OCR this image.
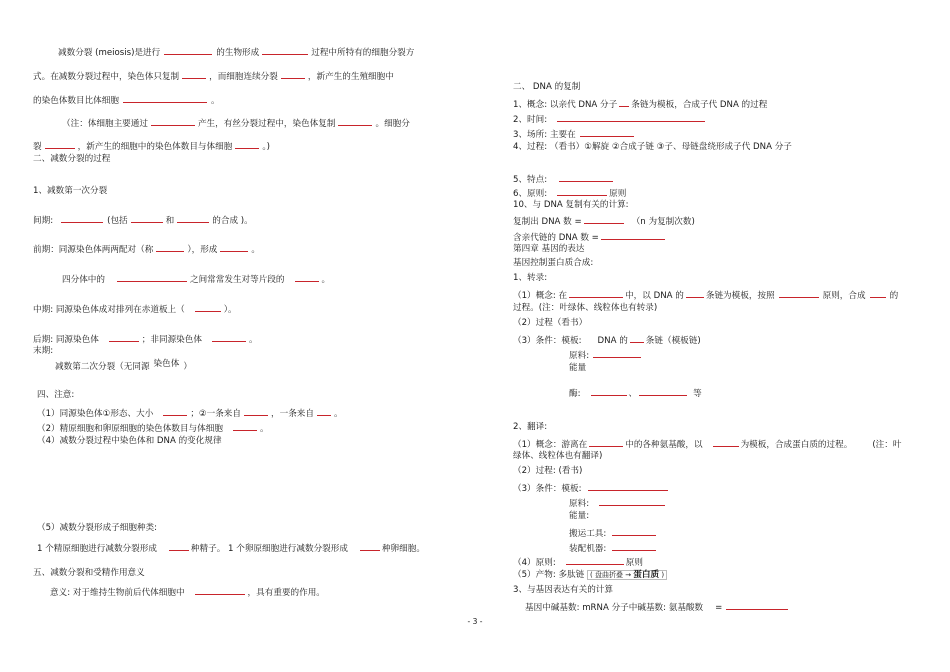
减数分裂 (meiosis)是进行	的生物形成	过程中所特有的细胞分裂方
式。在减数分裂过程中，染色体只复制	，而细胞连续分裂	，新产生的生殖细胞中
的染色体数目比体细胞	。
（注：体细胞主要通过	产生，有丝分裂过程中，染色体复制	。细胞分
裂	，新产生的细胞中的染色体数目与体细胞	。)
二、减数分裂的过程
1、减数第一次分裂
间期:	(包括	和	的合成 )。
前期：同源染色体两两配对（称	），形成	。
四分体中的	之间常常发生对等片段的	。
中期: 同源染色体成对排列在赤道板上（	）。
后期: 同源染色体	；非同源染色体	。
末期:
减数第二次分裂（无同源 染色体 ）
四、注意:
（1）同源染色体①形态、大小	；②一条来自	，一条来自 。
（2）精原细胞和卵原细胞的染色体数目与体细胞	。
（4）减数分裂过程中染色体和 DNA 的变化规律
（5）减数分裂形成子细胞种类:
1 个精原细胞进行减数分裂形成	种精子。 1 个卵原细胞进行减数分裂形成	种卵细胞。
五、减数分裂和受精作用意义
意义: 对于维持生物前后代体细胞中	，具有重要的作用。
二、 DNA 的复制
1、概念: 以亲代 DNA 分子 条链为模板，合成子代 DNA 的过程
2、时间:
3、场所: 主要在
4、过程: （看书）①解旋 ②合成子链 ③子、母链盘绕形成子代 DNA 分子
5、特点:
6、原则:	原则
10、与 DNA 复制有关的计算:
复制出 DNA 数 =	（n 为复制次数)
含亲代链的 DNA 数 =
第四章 基因的表达
基因控制蛋白质合成:
1、转录:
（1）概念: 在	中，以 DNA 的	条链为模板，按照	原则，合成	的
过程。(注：叶绿体、线粒体也有转录)
（2）过程（看书）
（3）条件：模板: DNA 的 条链（模板链)
原料:
能量
酶:	、	等
2、翻译:
（1）概念：游离在	中的各种氨基酸，以	为模板，合成蛋白质的过程。 (注：叶
绿体、线粒体也有翻译)
（2）过程: (看书)
（3）条件：模板:
原料:
能量:
搬运工具:
装配机器:
（4）原则:	原则
（5）产物: 多肽链 ( 盘曲折叠 → 蛋白质 )
3、与基因表达有关的计算
基因中碱基数: mRNA 分子中碱基数: 氨基酸数 =
- 3 -
